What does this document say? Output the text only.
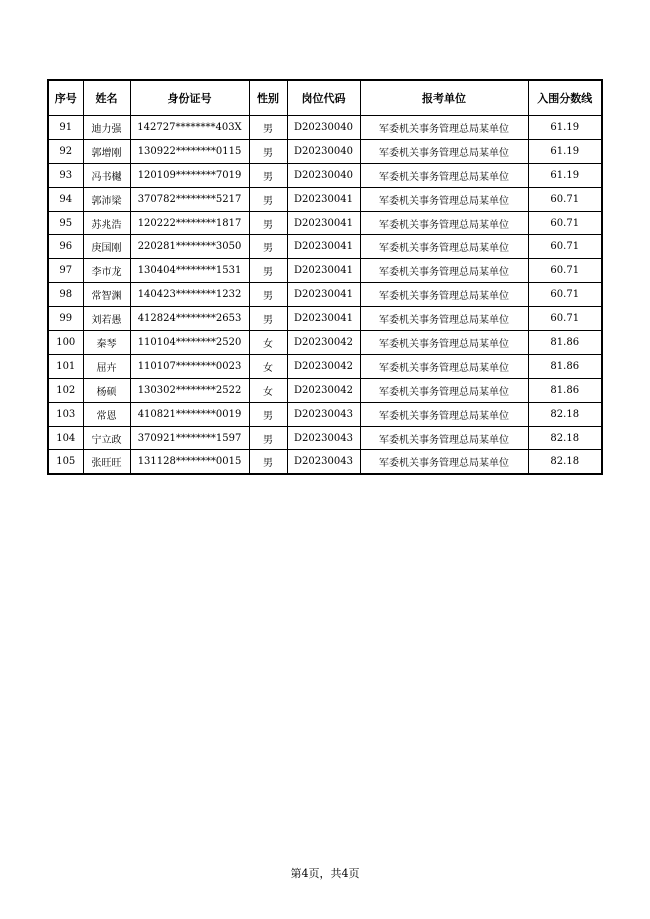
序号	姓名	身份证号	性别	岗位代码	报考单位	入围分数线
91	迪力强	142727********403X	男	D20230040	军委机关事务管理总局某单位	61.19
92	郭增刚	130922********0115	男	D20230040	军委机关事务管理总局某单位	61.19
93	冯书樾	120109********7019	男	D20230040	军委机关事务管理总局某单位	61.19
94	郭沛梁	370782********5217	男	D20230041	军委机关事务管理总局某单位	60.71
95	苏兆浩	120222********1817	男	D20230041	军委机关事务管理总局某单位	60.71
96	庚国刚	220281********3050	男	D20230041	军委机关事务管理总局某单位	60.71
97	李市龙	130404********1531	男	D20230041	军委机关事务管理总局某单位	60.71
98	常智渊	140423********1232	男	D20230041	军委机关事务管理总局某单位	60.71
99	刘若愚	412824********2653	男	D20230041	军委机关事务管理总局某单位	60.71
100	秦琴	110104********2520	女	D20230042	军委机关事务管理总局某单位	81.86
101	屈卉	110107********0023	女	D20230042	军委机关事务管理总局某单位	81.86
102	杨硕	130302********2522	女	D20230042	军委机关事务管理总局某单位	81.86
103	常恩	410821********0019	男	D20230043	军委机关事务管理总局某单位	82.18
104	宁立政	370921********1597	男	D20230043	军委机关事务管理总局某单位	82.18
105	张旺旺	131128********0015	男	D20230043	军委机关事务管理总局某单位	82.18
第4页，共4页
